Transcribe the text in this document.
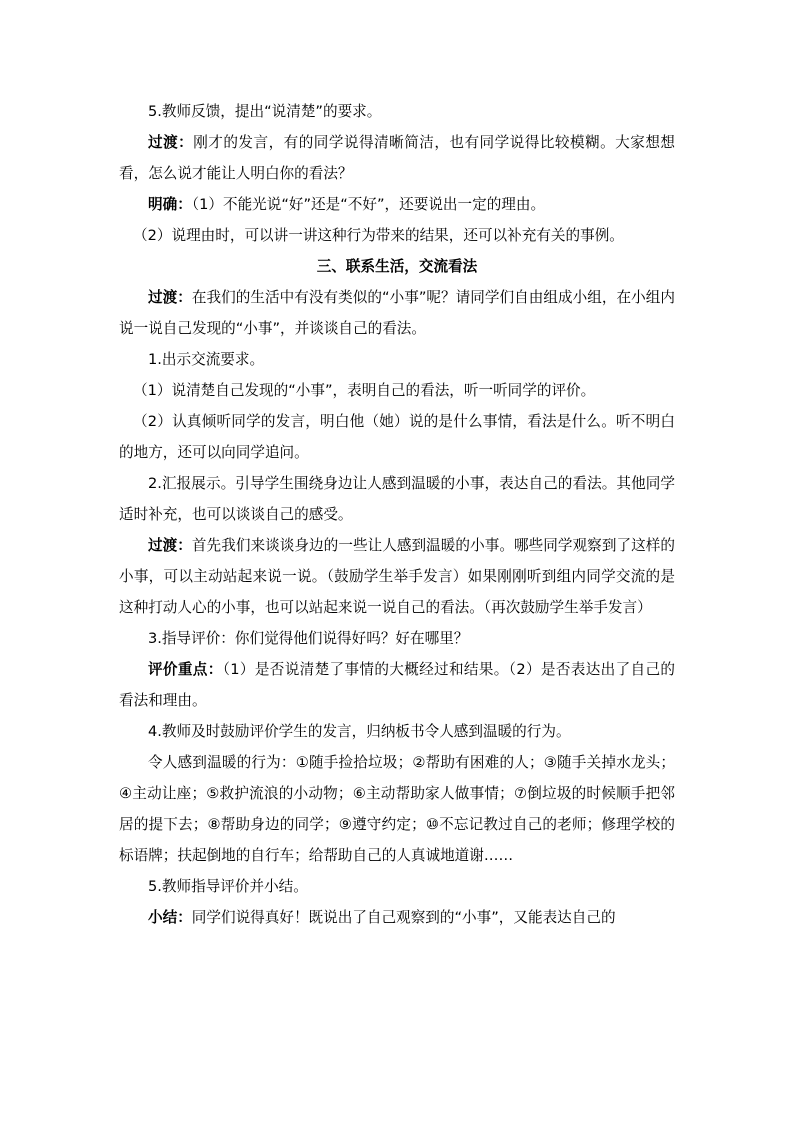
5.教师反馈，提出“说清楚”的要求。

过渡：刚才的发言，有的同学说得清晰简洁，也有同学说得比较模糊。大家想想看，怎么说才能让人明白你的看法？

明确：（1）不能光说“好”还是“不好”，还要说出一定的理由。

（2）说理由时，可以讲一讲这种行为带来的结果，还可以补充有关的事例。

三、联系生活，交流看法

过渡：在我们的生活中有没有类似的“小事”呢？请同学们自由组成小组，在小组内说一说自己发现的“小事”，并谈谈自己的看法。

1.出示交流要求。

（1）说清楚自己发现的“小事”，表明自己的看法，听一听同学的评价。

（2）认真倾听同学的发言，明白他（她）说的是什么事情，看法是什么。听不明白的地方，还可以向同学追问。

2.汇报展示。引导学生围绕身边让人感到温暖的小事，表达自己的看法。其他同学适时补充，也可以谈谈自己的感受。

过渡：首先我们来谈谈身边的一些让人感到温暖的小事。哪些同学观察到了这样的小事，可以主动站起来说一说。（鼓励学生举手发言）如果刚刚听到组内同学交流的是这种打动人心的小事，也可以站起来说一说自己的看法。（再次鼓励学生举手发言）

3.指导评价：你们觉得他们说得好吗？好在哪里？

评价重点：（1）是否说清楚了事情的大概经过和结果。（2）是否表达出了自己的看法和理由。

4.教师及时鼓励评价学生的发言，归纳板书令人感到温暖的行为。

令人感到温暖的行为：①随手捡拾垃圾；②帮助有困难的人；③随手关掉水龙头；④主动让座；⑤救护流浪的小动物；⑥主动帮助家人做事情；⑦倒垃圾的时候顺手把邻居的提下去；⑧帮助身边的同学；⑨遵守约定；⑩不忘记教过自己的老师；修理学校的标语牌；扶起倒地的自行车；给帮助自己的人真诚地道谢……

5.教师指导评价并小结。

小结：同学们说得真好！既说出了自己观察到的“小事”，又能表达自己的
